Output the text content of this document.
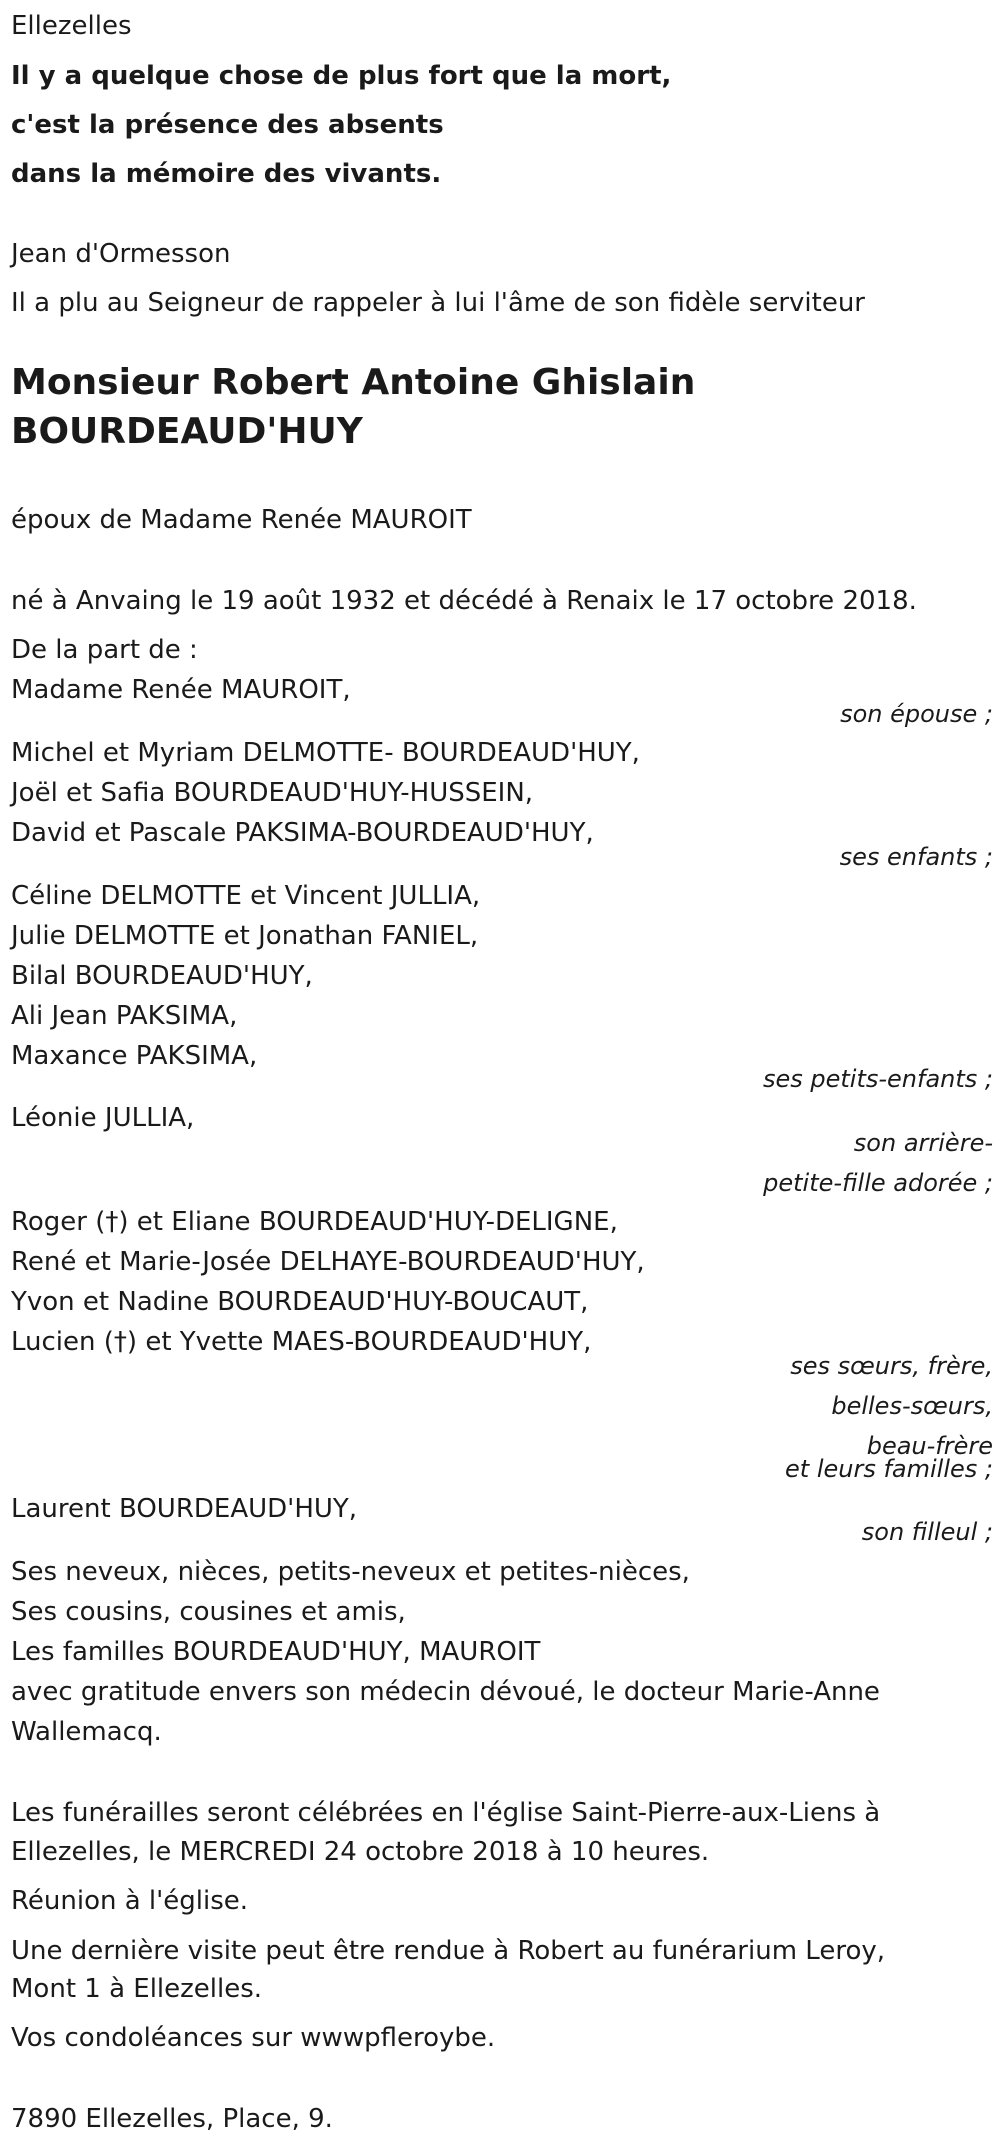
Ellezelles
Il y a quelque chose de plus fort que la mort,
c'est la présence des absents
dans la mémoire des vivants.
Jean d'Ormesson
Il a plu au Seigneur de rappeler à lui l'âme de son fidèle serviteur
Monsieur Robert Antoine Ghislain
BOURDEAUD'HUY
époux de Madame Renée MAUROIT
né à Anvaing le 19 août 1932 et décédé à Renaix le 17 octobre 2018.
De la part de :
Madame Renée MAUROIT,
son épouse ;
Michel et Myriam DELMOTTE- BOURDEAUD'HUY,
Joël et Safia BOURDEAUD'HUY-HUSSEIN,
David et Pascale PAKSIMA-BOURDEAUD'HUY,
ses enfants ;
Céline DELMOTTE et Vincent JULLIA,
Julie DELMOTTE et Jonathan FANIEL,
Bilal BOURDEAUD'HUY,
Ali Jean PAKSIMA,
Maxance PAKSIMA,
ses petits-enfants ;
Léonie JULLIA,
son arrière-
petite-fille adorée ;
Roger (†) et Eliane BOURDEAUD'HUY-DELIGNE,
René et Marie-Josée DELHAYE-BOURDEAUD'HUY,
Yvon et Nadine BOURDEAUD'HUY-BOUCAUT,
Lucien (†) et Yvette MAES-BOURDEAUD'HUY,
ses sœurs, frère,
belles-sœurs,
beau-frère
et leurs familles ;
Laurent BOURDEAUD'HUY,
son filleul ;
Ses neveux, nièces, petits-neveux et petites-nièces,
Ses cousins, cousines et amis,
Les familles BOURDEAUD'HUY, MAUROIT
avec gratitude envers son médecin dévoué, le docteur Marie-Anne
Wallemacq.
Les funérailles seront célébrées en l'église Saint-Pierre-aux-Liens à
Ellezelles, le MERCREDI 24 octobre 2018 à 10 heures.
Réunion à l'église.
Une dernière visite peut être rendue à Robert au funérarium Leroy,
Mont 1 à Ellezelles.
Vos condoléances sur wwwpfleroybe.
7890 Ellezelles, Place, 9.
